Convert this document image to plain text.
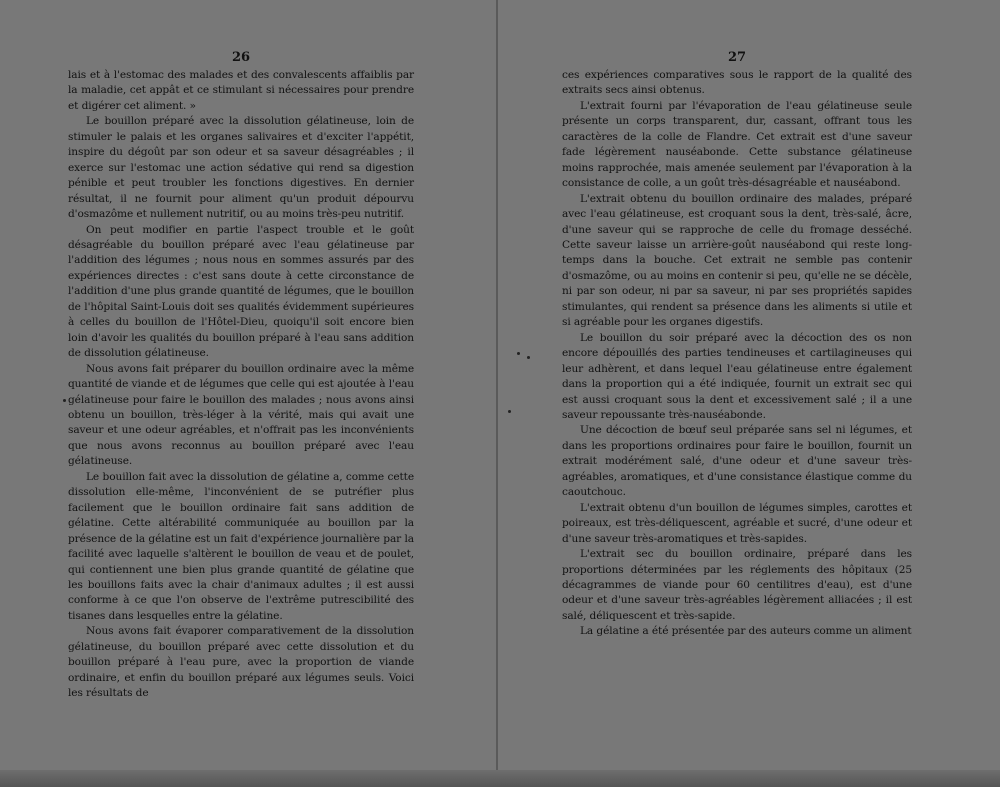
26

lais et à l'estomac des malades et des convalescents affaiblis par la maladie, cet appât et ce stimulant si nécessaires pour prendre et digérer cet aliment. »

Le bouillon préparé avec la dissolution gélatineuse, loin de stimuler le palais et les organes salivaires et d'exciter l'appétit, inspire du dégoût par son odeur et sa saveur désagréables ; il exerce sur l'estomac une action sédative qui rend sa digestion pénible et peut troubler les fonctions digestives. En dernier résultat, il ne fournit pour aliment qu'un produit dépourvu d'osmazôme et nullement nutritif, ou au moins très-peu nutritif.

On peut modifier en partie l'aspect trouble et le goût désagréable du bouillon préparé avec l'eau gélatineuse par l'addition des légumes ; nous nous en sommes assurés par des expériences directes : c'est sans doute à cette circonstance de l'addition d'une plus grande quantité de légumes, que le bouillon de l'hôpital Saint-Louis doit ses qualités évidemment supérieures à celles du bouillon de l'Hôtel-Dieu, quoiqu'il soit encore bien loin d'avoir les qualités du bouillon préparé à l'eau sans addition de dissolution gélatineuse.

Nous avons fait préparer du bouillon ordinaire avec la même quantité de viande et de légumes que celle qui est ajoutée à l'eau gélatineuse pour faire le bouillon des malades ; nous avons ainsi obtenu un bouillon, très-léger à la vérité, mais qui avait une saveur et une odeur agréables, et n'offrait pas les inconvénients que nous avons reconnus au bouillon préparé avec l'eau gélatineuse.

Le bouillon fait avec la dissolution de gélatine a, comme cette dissolution elle-même, l'inconvénient de se putréfier plus facilement que le bouillon ordinaire fait sans addition de gélatine. Cette altérabilité communiquée au bouillon par la présence de la gélatine est un fait d'expérience journalière par la facilité avec laquelle s'altèrent le bouillon de veau et de poulet, qui contiennent une bien plus grande quantité de gélatine que les bouillons faits avec la chair d'animaux adultes ; il est aussi conforme à ce que l'on observe de l'extrême putrescibilité des tisanes dans lesquelles entre la gélatine.

Nous avons fait évaporer comparativement de la dissolution gélatineuse, du bouillon préparé avec cette dissolution et du bouillon préparé à l'eau pure, avec la proportion de viande ordinaire, et enfin du bouillon préparé aux légumes seuls. Voici les résultats de

27

ces expériences comparatives sous le rapport de la qualité des extraits secs ainsi obtenus.

L'extrait fourni par l'évaporation de l'eau gélatineuse seule présente un corps transparent, dur, cassant, offrant tous les caractères de la colle de Flandre. Cet extrait est d'une saveur fade légèrement nauséabonde. Cette substance gélatineuse moins rapprochée, mais amenée seulement par l'évaporation à la consistance de colle, a un goût très-désagréable et nauséabond.

L'extrait obtenu du bouillon ordinaire des malades, préparé avec l'eau gélatineuse, est croquant sous la dent, très-salé, âcre, d'une saveur qui se rapproche de celle du fromage desséché. Cette saveur laisse un arrière-goût nauséabond qui reste long-temps dans la bouche. Cet extrait ne semble pas contenir d'osmazôme, ou au moins en contenir si peu, qu'elle ne se décèle, ni par son odeur, ni par sa saveur, ni par ses propriétés sapides stimulantes, qui rendent sa présence dans les aliments si utile et si agréable pour les organes digestifs.

Le bouillon du soir préparé avec la décoction des os non encore dépouillés des parties tendineuses et cartilagineuses qui leur adhèrent, et dans lequel l'eau gélatineuse entre également dans la proportion qui a été indiquée, fournit un extrait sec qui est aussi croquant sous la dent et excessivement salé ; il a une saveur repoussante très-nauséabonde.

Une décoction de bœuf seul préparée sans sel ni légumes, et dans les proportions ordinaires pour faire le bouillon, fournit un extrait modérément salé, d'une odeur et d'une saveur très-agréables, aromatiques, et d'une consistance élastique comme du caoutchouc.

L'extrait obtenu d'un bouillon de légumes simples, carottes et poireaux, est très-déliquescent, agréable et sucré, d'une odeur et d'une saveur très-aromatiques et très-sapides.

L'extrait sec du bouillon ordinaire, préparé dans les proportions déterminées par les réglements des hôpitaux (25 décagrammes de viande pour 60 centilitres d'eau), est d'une odeur et d'une saveur très-agréables légèrement alliacées ; il est salé, déliquescent et très-sapide.

La gélatine a été présentée par des auteurs comme un aliment
